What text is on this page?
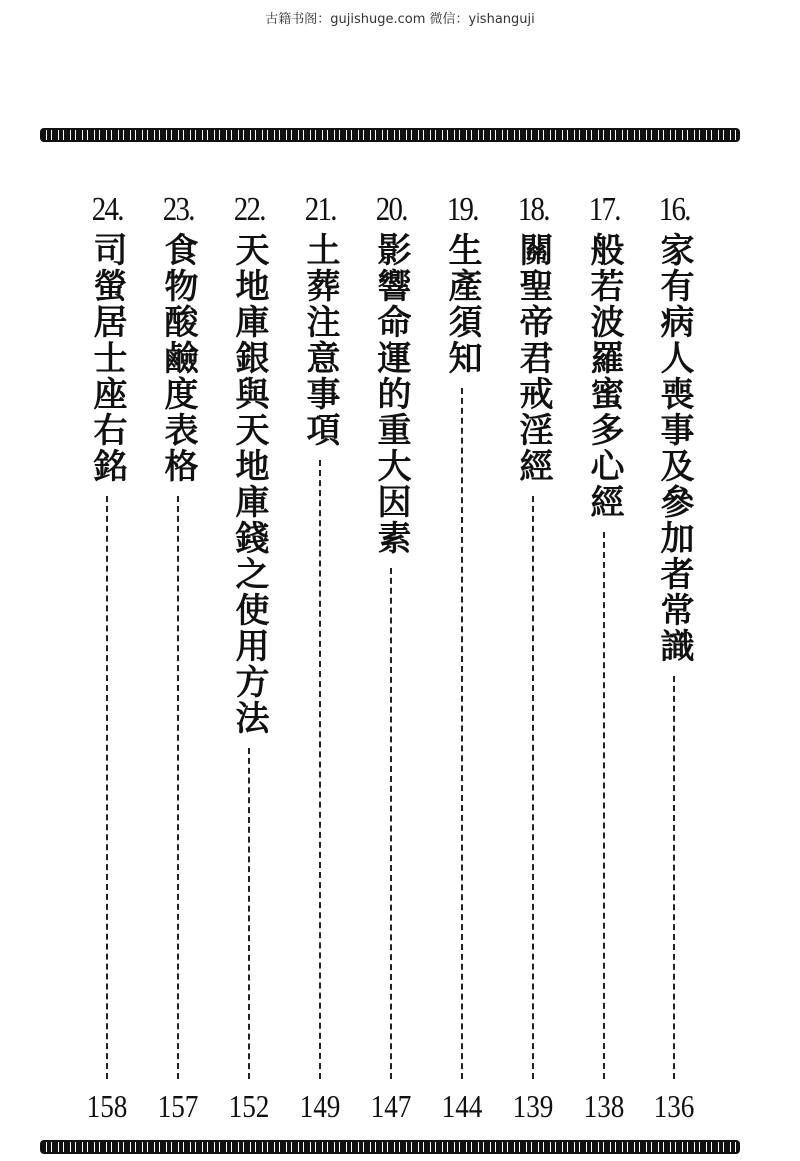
古籍书阁：gujishuge.com 微信：yishanguji
16.
家有病人喪事及參加者常識
136
17.
般若波羅蜜多心經
138
18.
關聖帝君戒淫經
139
19.
生產須知
144
20.
影響命運的重大因素
147
21.
土葬注意事項
149
22.
天地庫銀與天地庫錢之使用方法
152
23.
食物酸鹼度表格
157
24.
司螢居士座右銘
158
